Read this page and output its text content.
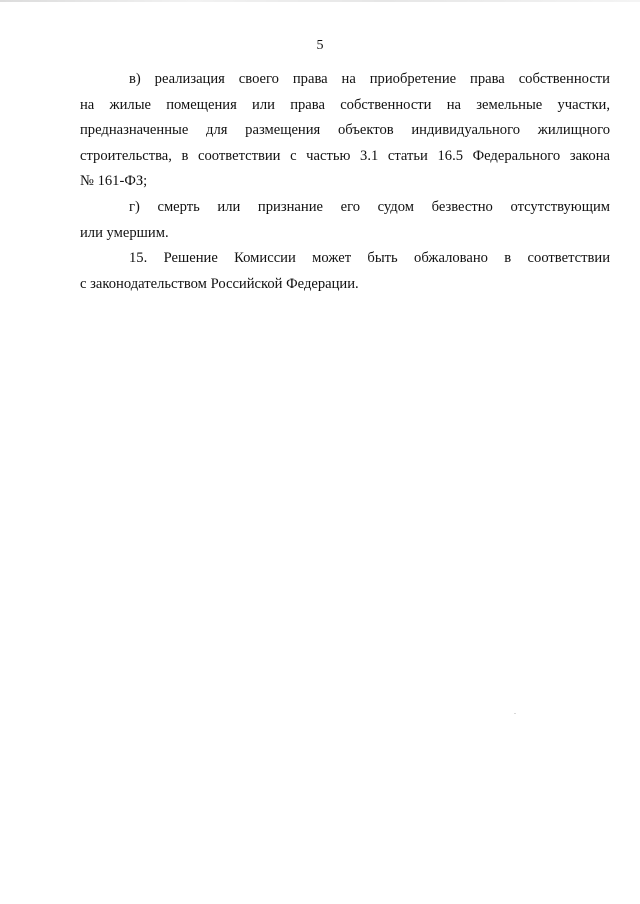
5

в) реализация своего права на приобретение права собственности
на жилые помещения или права собственности на земельные участки,
предназначенные для размещения объектов индивидуального жилищного
строительства, в соответствии с частью 3.1 статьи 16.5 Федерального закона
№ 161-ФЗ;

г) смерть или признание его судом безвестно отсутствующим
или умершим.

15. Решение Комиссии может быть обжаловано в соответствии
с законодательством Российской Федерации.
